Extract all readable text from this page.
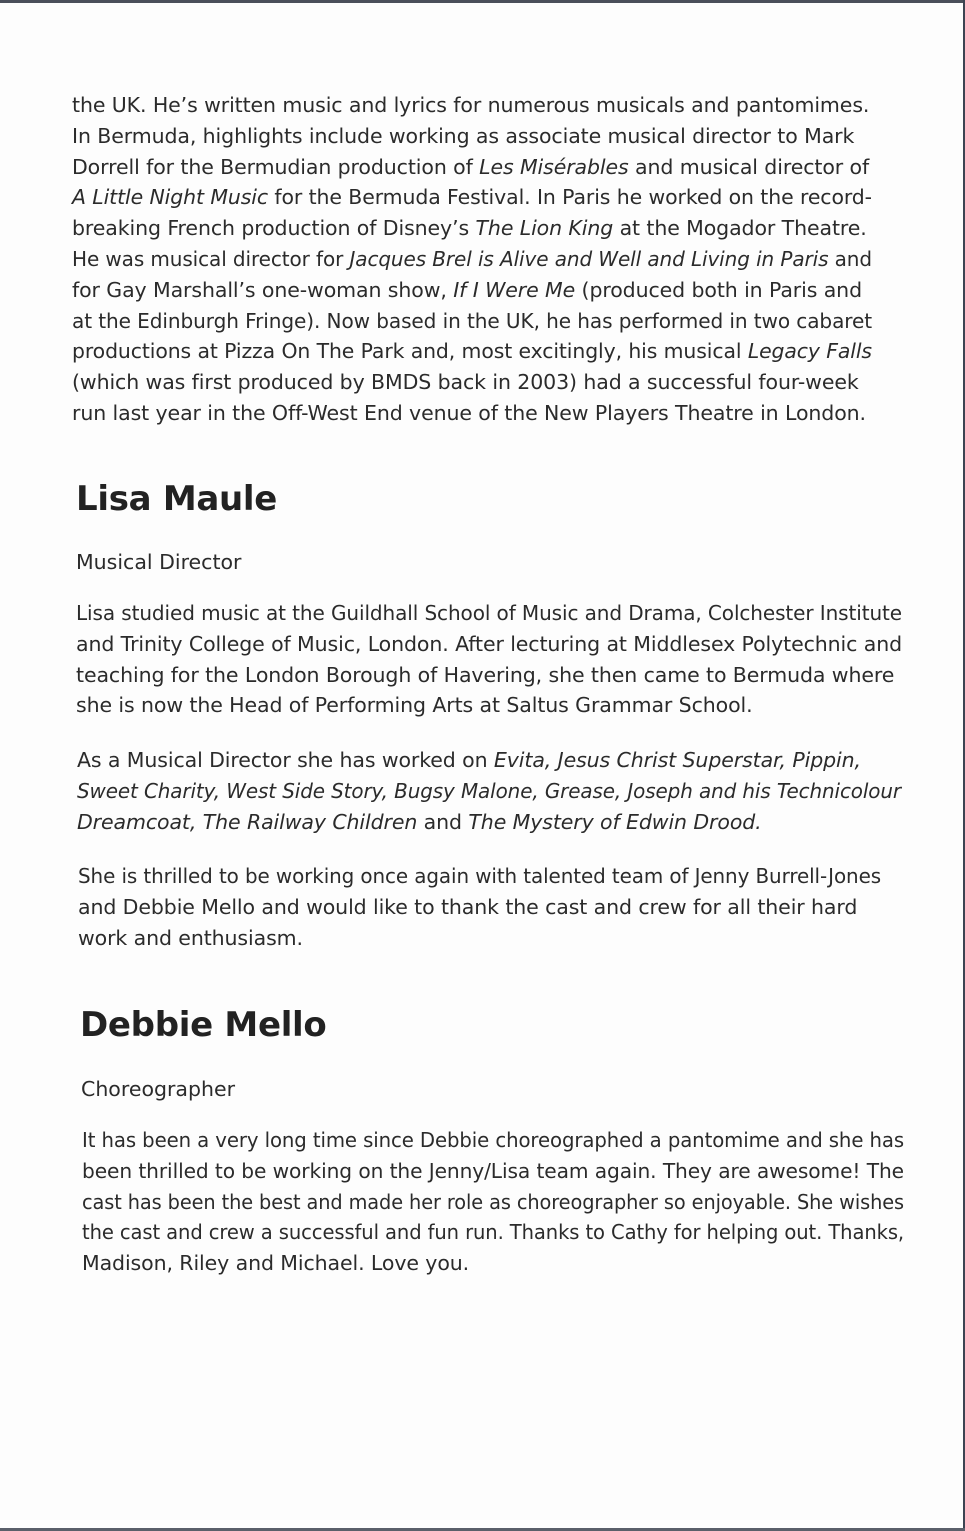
the UK. He’s written music and lyrics for numerous musicals and pantomimes.
In Bermuda, highlights include working as associate musical director to Mark
Dorrell for the Bermudian production of Les Misérables and musical director of
A Little Night Music for the Bermuda Festival. In Paris he worked on the record-
breaking French production of Disney’s The Lion King at the Mogador Theatre.
He was musical director for Jacques Brel is Alive and Well and Living in Paris and
for Gay Marshall’s one-woman show, If I Were Me (produced both in Paris and
at the Edinburgh Fringe). Now based in the UK, he has performed in two cabaret
productions at Pizza On The Park and, most excitingly, his musical Legacy Falls
(which was first produced by BMDS back in 2003) had a successful four-week
run last year in the Off-West End venue of the New Players Theatre in London.

Lisa Maule
Musical Director

Lisa studied music at the Guildhall School of Music and Drama, Colchester Institute
and Trinity College of Music, London. After lecturing at Middlesex Polytechnic and
teaching for the London Borough of Havering, she then came to Bermuda where
she is now the Head of Performing Arts at Saltus Grammar School.

As a Musical Director she has worked on Evita, Jesus Christ Superstar, Pippin,
Sweet Charity, West Side Story, Bugsy Malone, Grease, Joseph and his Technicolour
Dreamcoat, The Railway Children and The Mystery of Edwin Drood.

She is thrilled to be working once again with talented team of Jenny Burrell-Jones
and Debbie Mello and would like to thank the cast and crew for all their hard
work and enthusiasm.

Debbie Mello
Choreographer

It has been a very long time since Debbie choreographed a pantomime and she has
been thrilled to be working on the Jenny/Lisa team again. They are awesome! The
cast has been the best and made her role as choreographer so enjoyable. She wishes
the cast and crew a successful and fun run. Thanks to Cathy for helping out. Thanks,
Madison, Riley and Michael. Love you.
